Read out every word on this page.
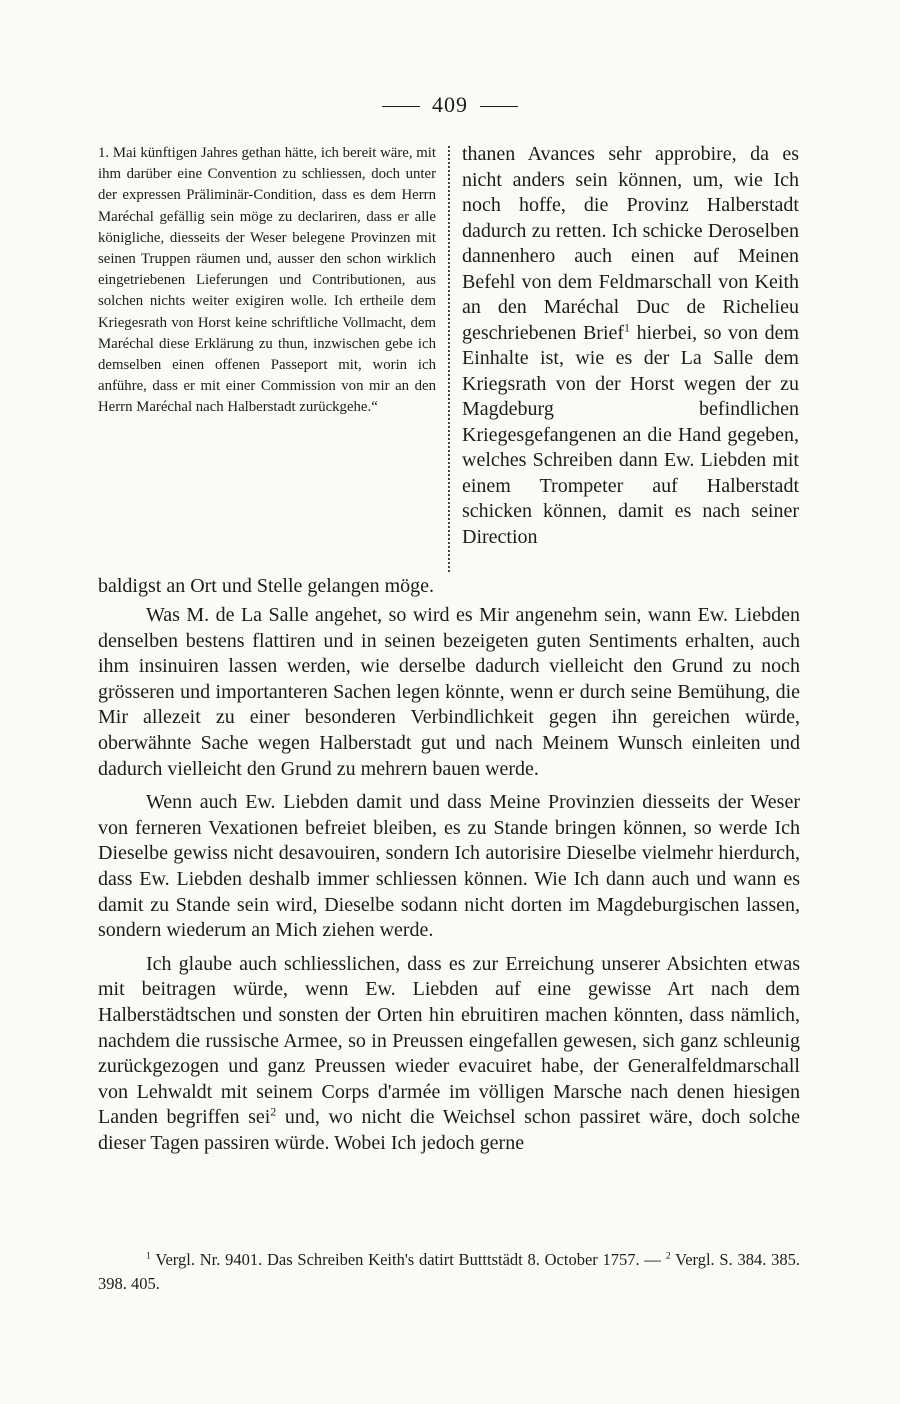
409

1. Mai künftigen Jahres gethan hätte, ich bereit wäre, mit ihm darüber eine Convention zu schliessen, doch unter der expressen Präliminär-Condition, dass es dem Herrn Maréchal gefällig sein möge zu declariren, dass er alle königliche, diesseits der Weser belegene Provinzen mit seinen Truppen räumen und, ausser den schon wirklich eingetriebenen Lieferungen und Contributionen, aus solchen nichts weiter exigiren wolle. Ich ertheile dem Kriegesrath von Horst keine schriftliche Vollmacht, dem Maréchal diese Erklärung zu thun, inzwischen gebe ich demselben einen offenen Passeport mit, worin ich anführe, dass er mit einer Commission von mir an den Herrn Maréchal nach Halberstadt zurückgehe.“

thanen Avances sehr approbire, da es nicht anders sein können, um, wie Ich noch hoffe, die Provinz Halberstadt dadurch zu retten. Ich schicke Deroselben dannenhero auch einen auf Meinen Befehl von dem Feldmarschall von Keith an den Maréchal Duc de Richelieu geschriebenen Brief$^1$ hierbei, so von dem Einhalte ist, wie es der La Salle dem Kriegsrath von der Horst wegen der zu Magdeburg befindlichen Kriegesgefangenen an die Hand gegeben, welches Schreiben dann Ew. Liebden mit einem Trompeter auf Halberstadt schicken können, damit es nach seiner Direction

baldigst an Ort und Stelle gelangen möge.

Was M. de La Salle angehet, so wird es Mir angenehm sein, wann Ew. Liebden denselben bestens flattiren und in seinen bezeigeten guten Sentiments erhalten, auch ihm insinuiren lassen werden, wie derselbe dadurch vielleicht den Grund zu noch grösseren und importanteren Sachen legen könnte, wenn er durch seine Bemühung, die Mir allezeit zu einer besonderen Verbindlichkeit gegen ihn gereichen würde, oberwähnte Sache wegen Halberstadt gut und nach Meinem Wunsch einleiten und dadurch vielleicht den Grund zu mehrern bauen werde.

Wenn auch Ew. Liebden damit und dass Meine Provinzien diesseits der Weser von ferneren Vexationen befreiet bleiben, es zu Stande bringen können, so werde Ich Dieselbe gewiss nicht desavouiren, sondern Ich autorisire Dieselbe vielmehr hierdurch, dass Ew. Liebden deshalb immer schliessen können. Wie Ich dann auch und wann es damit zu Stande sein wird, Dieselbe sodann nicht dorten im Magdeburgischen lassen, sondern wiederum an Mich ziehen werde.

Ich glaube auch schliesslichen, dass es zur Erreichung unserer Absichten etwas mit beitragen würde, wenn Ew. Liebden auf eine gewisse Art nach dem Halberstädtschen und sonsten der Orten hin ebruitiren machen könnten, dass nämlich, nachdem die russische Armee, so in Preussen eingefallen gewesen, sich ganz schleunig zurückgezogen und ganz Preussen wieder evacuiret habe, der Generalfeldmarschall von Lehwaldt mit seinem Corps d'armée im völligen Marsche nach denen hiesigen Landen begriffen sei$^2$ und, wo nicht die Weichsel schon passiret wäre, doch solche dieser Tagen passiren würde. Wobei Ich jedoch gerne

$^1$ Vergl. Nr. 9401. Das Schreiben Keith's datirt Butttstädt 8. October 1757. — $^2$ Vergl. S. 384. 385. 398. 405.
